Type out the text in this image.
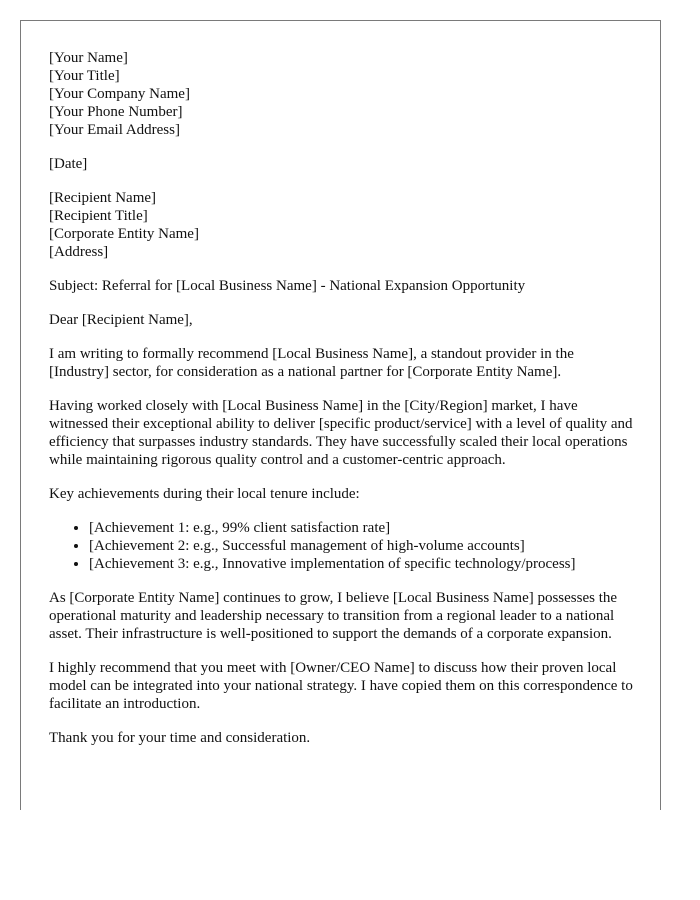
[Your Name]
[Your Title]
[Your Company Name]
[Your Phone Number]
[Your Email Address]

[Date]

[Recipient Name]
[Recipient Title]
[Corporate Entity Name]
[Address]

Subject: Referral for [Local Business Name] - National Expansion Opportunity

Dear [Recipient Name],

I am writing to formally recommend [Local Business Name], a standout provider in the [Industry] sector, for consideration as a national partner for [Corporate Entity Name].

Having worked closely with [Local Business Name] in the [City/Region] market, I have witnessed their exceptional ability to deliver [specific product/service] with a level of quality and efficiency that surpasses industry standards. They have successfully scaled their local operations while maintaining rigorous quality control and a customer-centric approach.

Key achievements during their local tenure include:

• [Achievement 1: e.g., 99% client satisfaction rate]
• [Achievement 2: e.g., Successful management of high-volume accounts]
• [Achievement 3: e.g., Innovative implementation of specific technology/process]

As [Corporate Entity Name] continues to grow, I believe [Local Business Name] possesses the operational maturity and leadership necessary to transition from a regional leader to a national asset. Their infrastructure is well-positioned to support the demands of a corporate expansion.

I highly recommend that you meet with [Owner/CEO Name] to discuss how their proven local model can be integrated into your national strategy. I have copied them on this correspondence to facilitate an introduction.

Thank you for your time and consideration.
